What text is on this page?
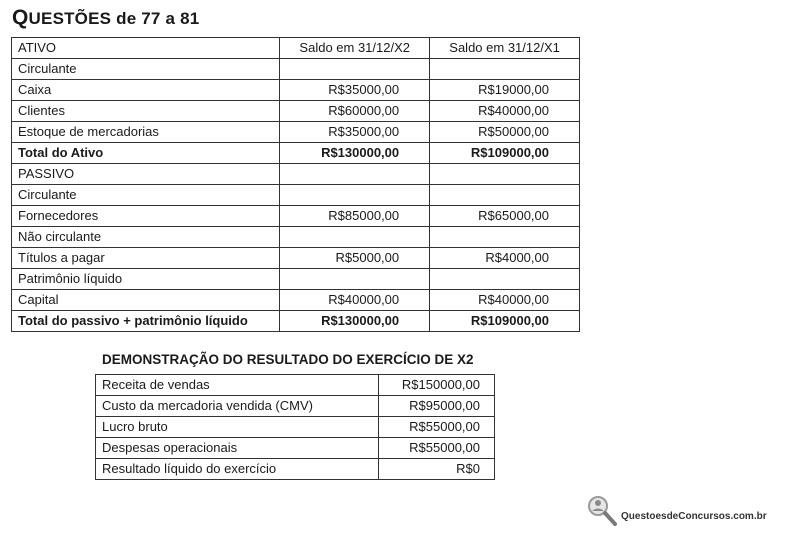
QUESTÕES de 77 a 81
ATIVO	Saldo em 31/12/X2	Saldo em 31/12/X1
Circulante		
Caixa	R$35000,00	R$19000,00
Clientes	R$60000,00	R$40000,00
Estoque de mercadorias	R$35000,00	R$50000,00
Total do Ativo	R$130000,00	R$109000,00
PASSIVO		
Circulante		
Fornecedores	R$85000,00	R$65000,00
Não circulante		
Títulos a pagar	R$5000,00	R$4000,00
Patrimônio líquido		
Capital	R$40000,00	R$40000,00
Total do passivo + patrimônio líquido	R$130000,00	R$109000,00
DEMONSTRAÇÃO DO RESULTADO DO EXERCÍCIO DE X2
Receita de vendas	R$150000,00
Custo da mercadoria vendida (CMV)	R$95000,00
Lucro bruto	R$55000,00
Despesas operacionais	R$55000,00
Resultado líquido do exercício	R$0
QuestoesdeConcursos.com.br
